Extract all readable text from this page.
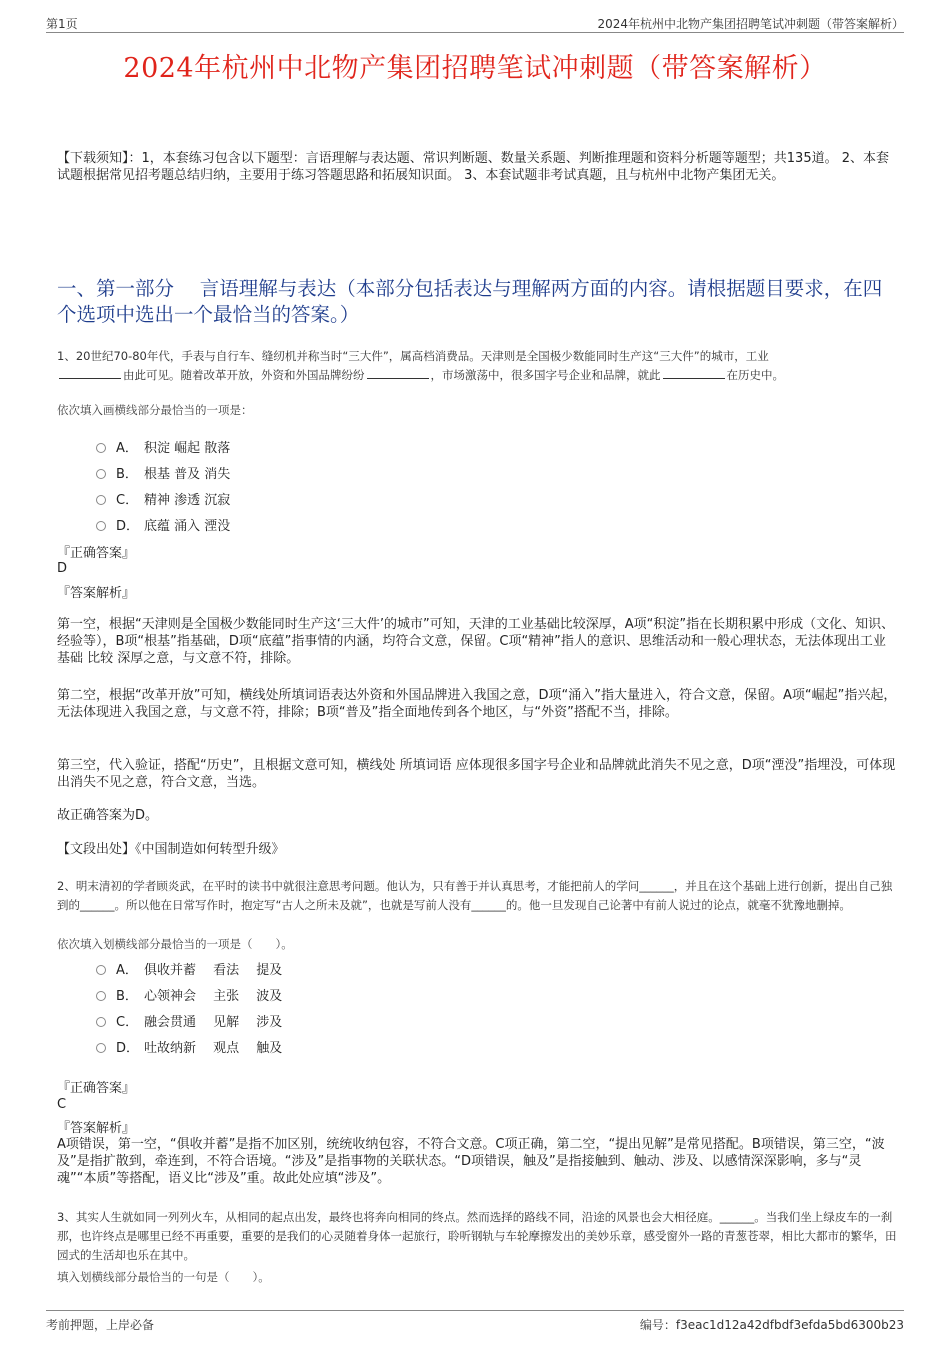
第1页	2024年杭州中北物产集团招聘笔试冲刺题（带答案解析）
2024年杭州中北物产集团招聘笔试冲刺题（带答案解析）
【下载须知】：1，本套练习包含以下题型：言语理解与表达题、常识判断题、数量关系题、判断推理题和资料分析题等题型；共135道。 2、本套试题根据常见招考题总结归纳，主要用于练习答题思路和拓展知识面。 3、本套试题非考试真题，且与杭州中北物产集团无关。
一、第一部分　 言语理解与表达（本部分包括表达与理解两方面的内容。请根据题目要求，在四个选项中选出一个最恰当的答案。）
1、20世纪70-80年代，手表与自行车、缝纫机并称当时“三大件”，属高档消费品。天津则是全国极少数能同时生产这“三大件”的城市，工业
由此可见。随着改革开放，外资和外国品牌纷纷	，市场激荡中，很多国字号企业和品牌，就此	在历史中。
依次填入画横线部分最恰当的一项是：
A． 积淀 崛起 散落
B． 根基 普及 消失
C． 精神 渗透 沉寂
D． 底蕴 涌入 湮没
『正确答案』
D
『答案解析』
第一空，根据“天津则是全国极少数能同时生产这‘三大件’的城市”可知，天津的工业基础比较深厚，A项“积淀”指在长期积累中形成（文化、知识、经验等），B项“根基”指基础，D项“底蕴”指事情的内涵，均符合文意，保留。C项“精神”指人的意识、思维活动和一般心理状态，无法体现出工业基础 比较 深厚之意，与文意不符，排除。
第二空，根据“改革开放”可知，横线处所填词语表达外资和外国品牌进入我国之意，D项“涌入”指大量进入，符合文意，保留。A项“崛起”指兴起，无法体现进入我国之意，与文意不符，排除；B项“普及”指全面地传到各个地区，与“外资”搭配不当，排除。
第三空，代入验证，搭配“历史”，且根据文意可知，横线处 所填词语 应体现很多国字号企业和品牌就此消失不见之意，D项“湮没”指埋没，可体现出消失不见之意，符合文意，当选。
故正确答案为D。
【文段出处】《中国制造如何转型升级》
2、明末清初的学者顾炎武，在平时的读书中就很注意思考问题。他认为，只有善于并认真思考，才能把前人的学问______，并且在这个基础上进行创新，提出自己独到的______。所以他在日常写作时，抱定写“古人之所未及就”，也就是写前人没有______的。他一旦发现自己论著中有前人说过的论点，就毫不犹豫地删掉。
依次填入划横线部分最恰当的一项是（　　）。
A． 俱收并蓄　 看法　 提及
B． 心领神会　 主张　 波及
C． 融会贯通　 见解　 涉及
D． 吐故纳新　 观点　 触及
『正确答案』
C
『答案解析』
A项错误，第一空，“俱收并蓄”是指不加区别，统统收纳包容，不符合文意。C项正确，第二空，“提出见解”是常见搭配。B项错误，第三空，“波及”是指扩散到，牵连到，不符合语境。“涉及”是指事物的关联状态。“D项错误，触及”是指接触到、触动、涉及、以感情深深影响，多与“灵魂”“本质”等搭配，语义比“涉及”重。故此处应填“涉及”。
3、其实人生就如同一列列火车，从相同的起点出发，最终也将奔向相同的终点。然而选择的路线不同，沿途的风景也会大相径庭。______。当我们坐上绿皮车的一刹那，也许终点是哪里已经不再重要，重要的是我们的心灵随着身体一起旅行，聆听钢轨与车轮摩擦发出的美妙乐章，感受窗外一路的青葱苍翠，相比大都市的繁华，田园式的生活却也乐在其中。
填入划横线部分最恰当的一句是（　　）。
考前押题，上岸必备	编号：f3eac1d12a42dfbdf3efda5bd6300b23
